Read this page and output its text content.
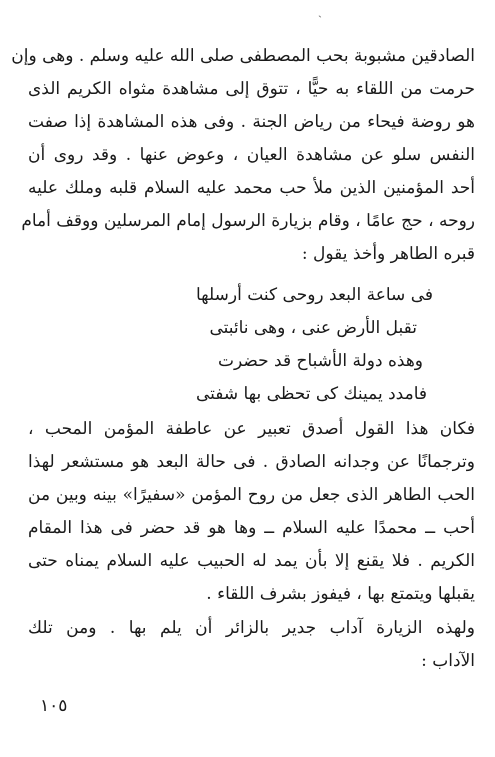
ˎ
الصادقين مشبوبة بحب المصطفى صلى الله عليه وسلم . وهى وإن
حرمت من اللقاء به حيًّا ، تتوق إلى مشاهدة مثواه الكريم الذى
هو روضة فيحاء من رياض الجنة . وفى هذه المشاهدة إذا صفت
النفس سلو عن مشاهدة العيان ، وعوض عنها . وقد روى أن
أحد المؤمنين الذين ملأ حب محمد عليه السلام قلبه وملك عليه
روحه ، حج عامًا ، وقام بزيارة الرسول إمام المرسلين ووقف أمام
قبره الطاهر وأخذ يقول :
فى ساعة البعد روحى كنت أرسلها
تقبل الأرض عنى ، وهى نائبتى
وهذه دولة الأشباح قد حضرت
فامدد يمينك كى تحظى بها شفتى
فكان هذا القول أصدق تعبير عن عاطفة المؤمن المحب ،
وترجمانًا عن وجدانه الصادق . فى حالة البعد هو مستشعر لهذا
الحب الطاهر الذى جعل من روح المؤمن «سفيرًا» بينه وبين من
أحب ــ محمدًا عليه السلام ــ وها هو قد حضر فى هذا المقام
الكريم . فلا يقنع إلا بأن يمد له الحبيب عليه السلام يمناه حتى
يقبلها ويتمتع بها ، فيفوز بشرف اللقاء .
ولهذه الزيارة آداب جدير بالزائر أن يلم بها . ومن تلك
الآداب :
١٠٥
